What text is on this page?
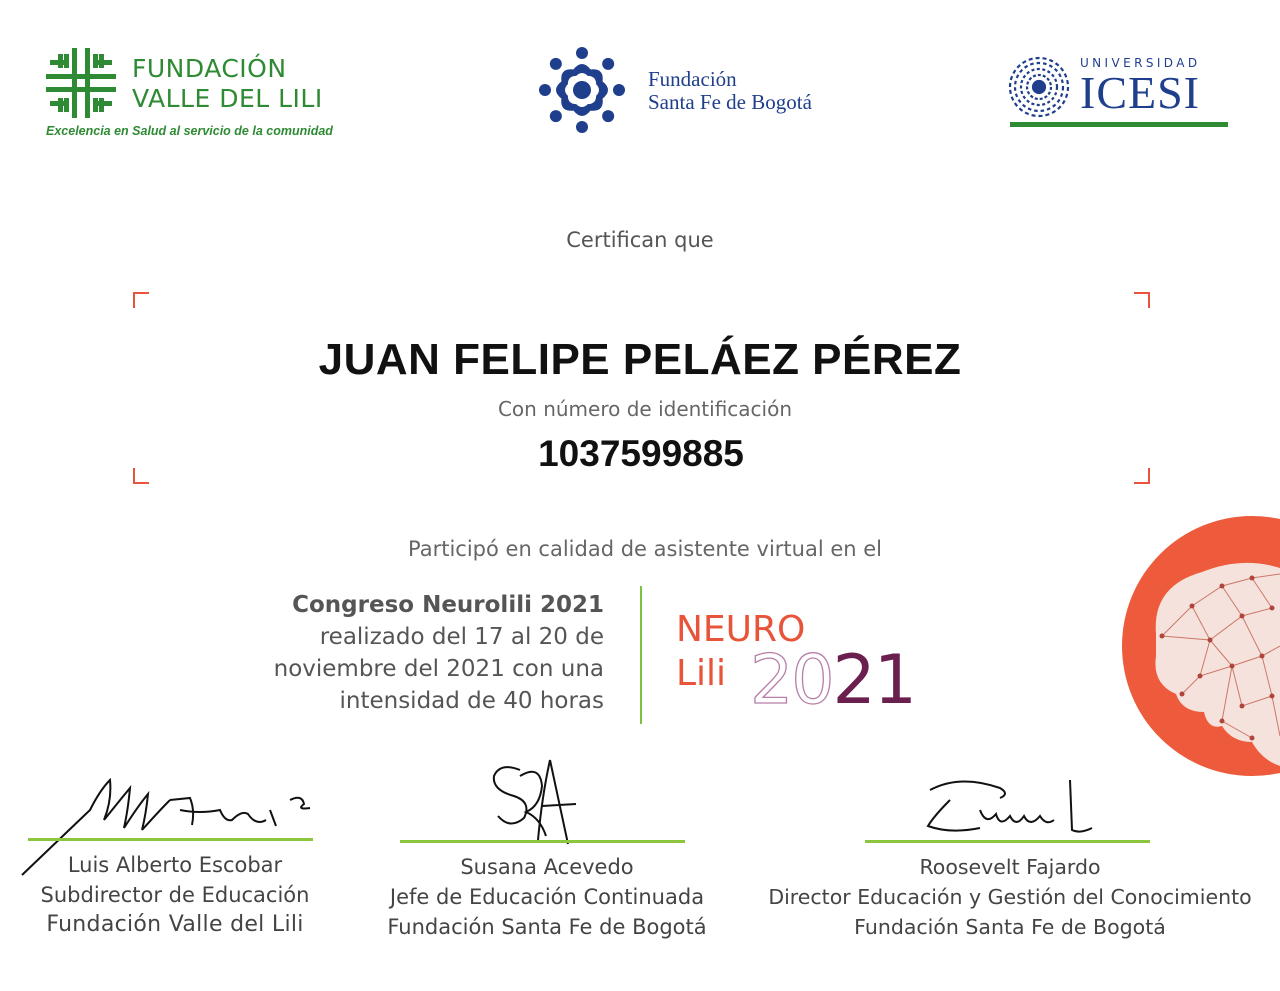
FUNDACIÓN
VALLE DEL LILI
Excelencia en Salud al servicio de la comunidad
Fundación
Santa Fe de Bogotá
UNIVERSIDAD
ICESI
Certifican que
JUAN FELIPE PELÁEZ PÉREZ
Con número de identificación
1037599885
Participó en calidad de asistente virtual en el
Congreso Neurolili 2021
realizado del 17 al 20 de
noviembre del 2021 con una
intensidad de 40 horas
NEURO
Lili 2021
Luis Alberto Escobar
Subdirector de Educación
Fundación Valle del Lili
Susana Acevedo
Jefe de Educación Continuada
Fundación Santa Fe de Bogotá
Roosevelt Fajardo
Director Educación y Gestión del Conocimiento
Fundación Santa Fe de Bogotá
